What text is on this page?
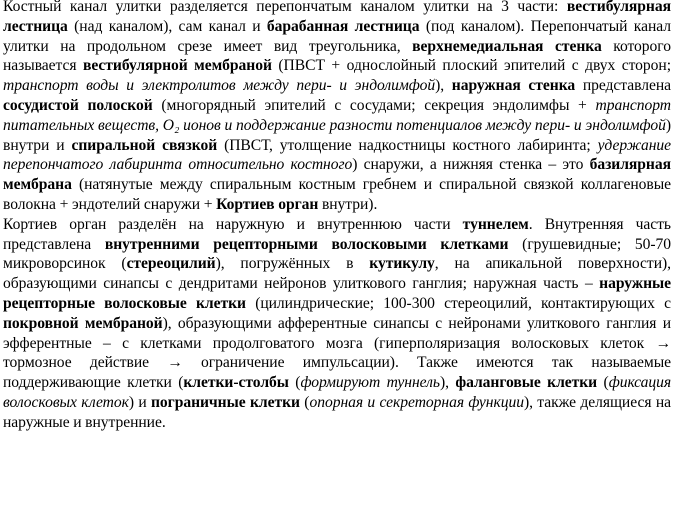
Костный канал улитки разделяется перепончатым каналом улитки на 3 части: вестибулярная лестница (над каналом), сам канал и барабанная лестница (под каналом). Перепончатый канал улитки на продольном срезе имеет вид треугольника, верхнемедиальная стенка которого называется вестибулярной мембраной (ПВСТ + однослойный плоский эпителий с двух сторон; транспорт воды и электролитов между пери- и эндолимфой), наружная стенка представлена сосудистой полоской (многорядный эпителий с сосудами; секреция эндолимфы + транспорт питательных веществ, O₂ ионов и поддержание разности потенциалов между пери- и эндолимфой) внутри и спиральной связкой (ПВСТ, утолщение надкостницы костного лабиринта; удержание перепончатого лабиринта относительно костного) снаружи, а нижняя стенка – это базилярная мембрана (натянутые между спиральным костным гребнем и спиральной связкой коллагеновые волокна + эндотелий снаружи + Кортиев орган внутри).

Кортиев орган разделён на наружную и внутреннюю части туннелем. Внутренняя часть представлена внутренними рецепторными волосковыми клетками (грушевидные; 50-70 микроворсинок (стереоцилий), погружённых в кутикулу, на апикальной поверхности), образующими синапсы с дендритами нейронов улиткового ганглия; наружная часть – наружные рецепторные волосковые клетки (цилиндрические; 100-300 стереоцилий, контактирующих с покровной мембраной), образующими афферентные синапсы с нейронами улиткового ганглия и эфферентные – с клетками продолговатого мозга (гиперполяризация волосковых клеток → тормозное действие → ограничение импульсации). Также имеются так называемые поддерживающие клетки (клетки-столбы (формируют туннель), фаланговые клетки (фиксация волосковых клеток) и пограничные клетки (опорная и секреторная функции), также делящиеся на наружные и внутренние.
